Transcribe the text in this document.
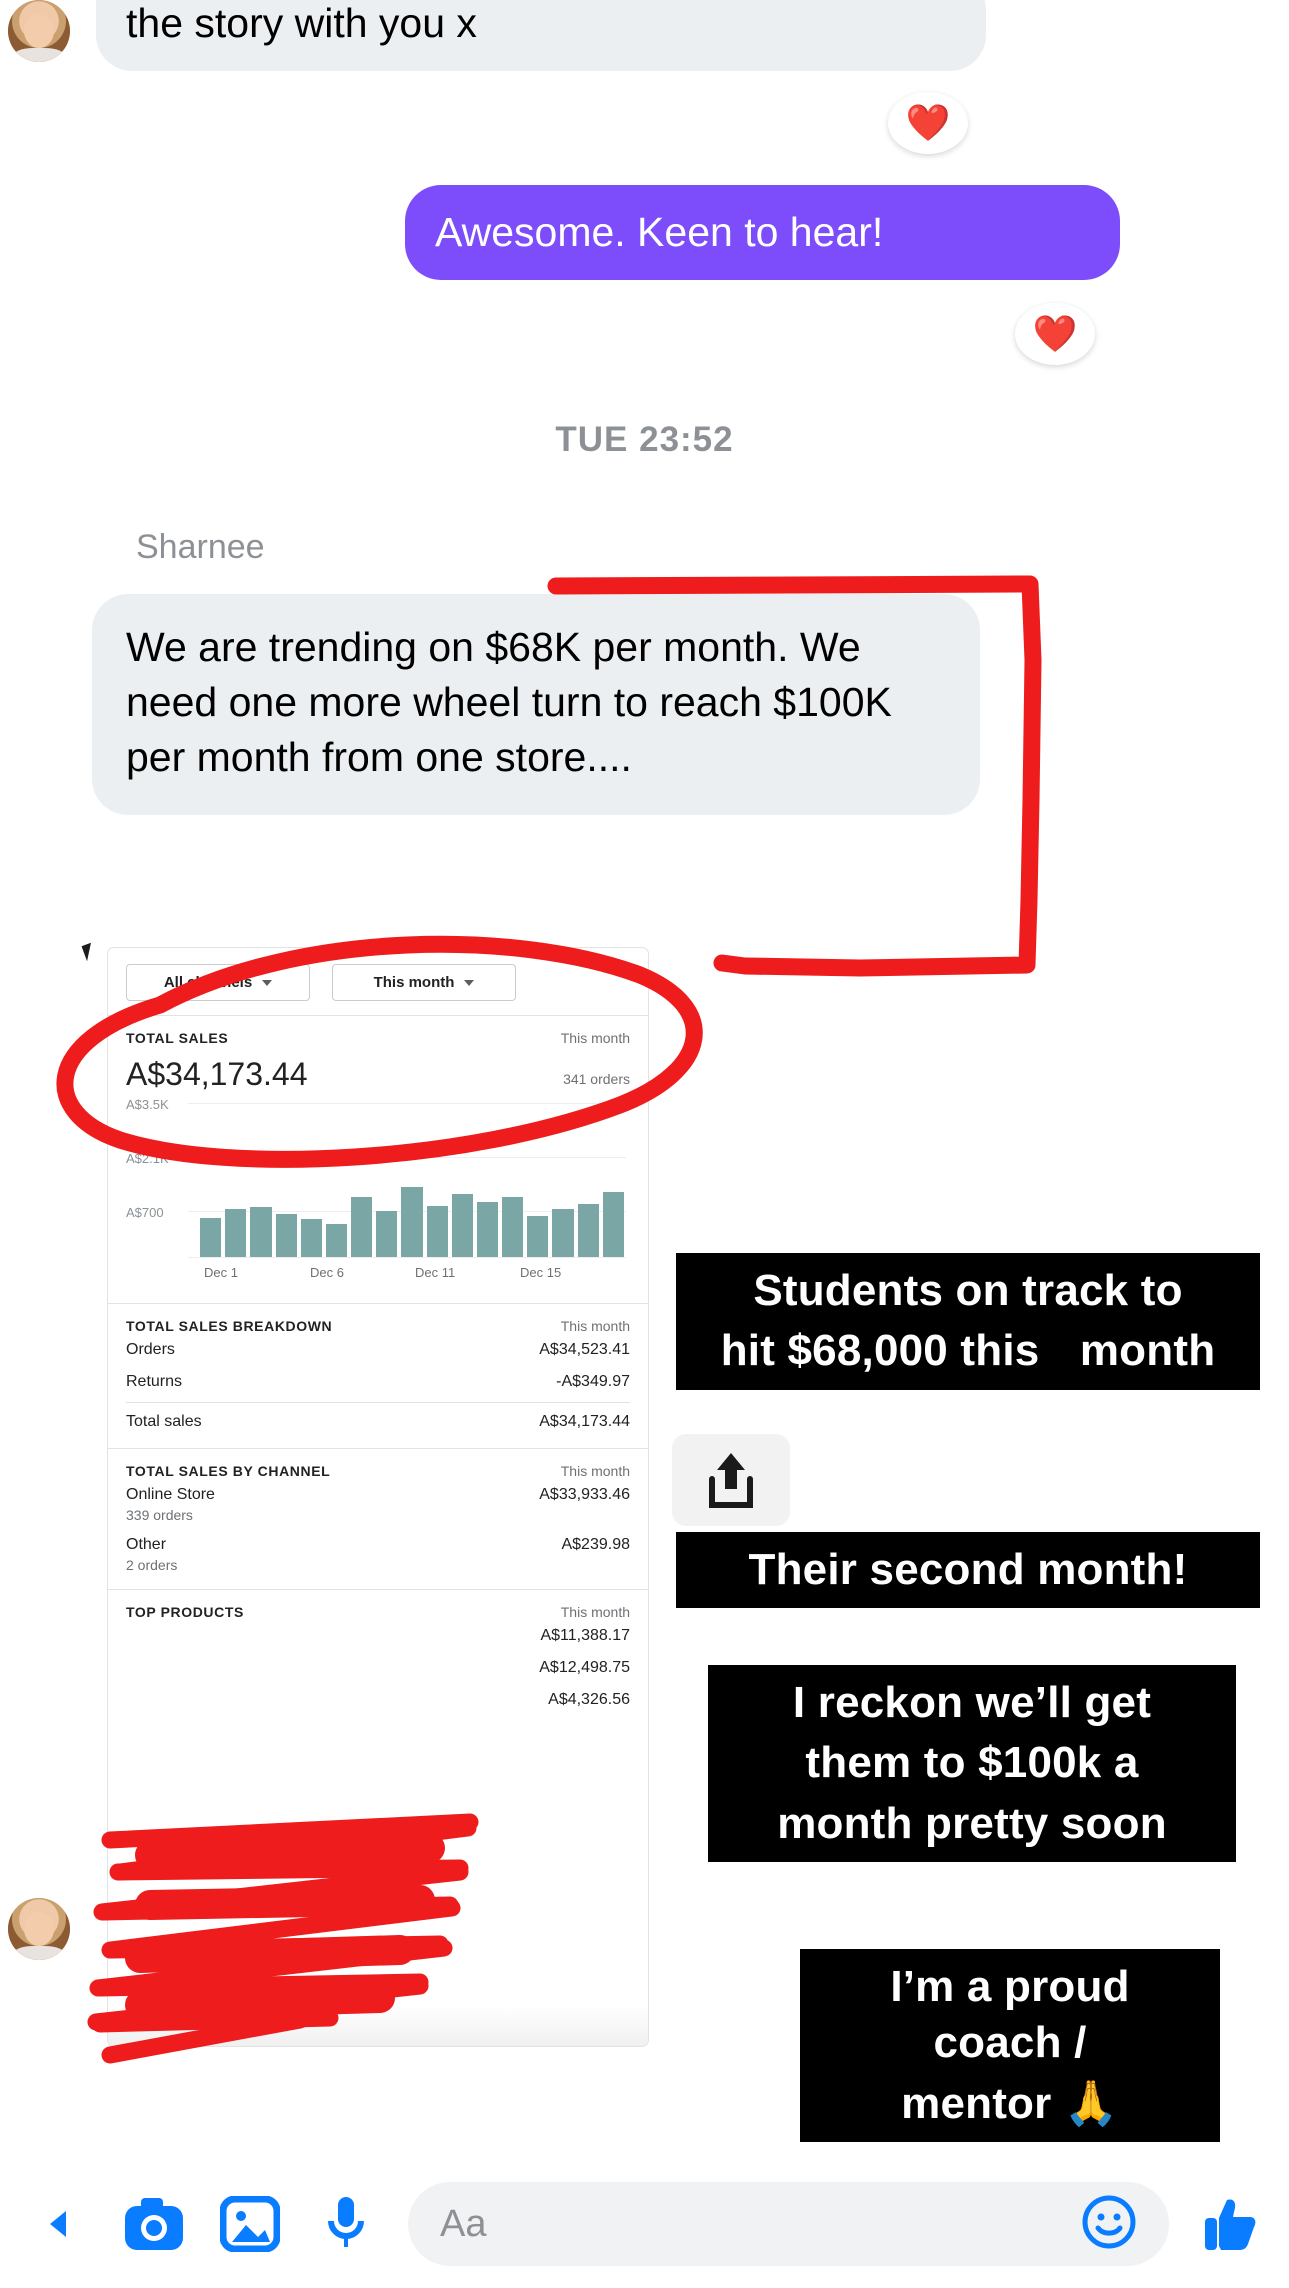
the story with you x
❤️
Awesome. Keen to hear!
❤️
TUE 23:52
Sharnee
We are trending on $68K per month. We need one more wheel turn to reach $100K per month from one store....
All channels	This month
TOTAL SALES	This month
A$34,173.44	341 orders
A$3.5K
A$2.1K
A$700
Dec 1	Dec 6	Dec 11	Dec 15
TOTAL SALES BREAKDOWN	This month
Orders	A$34,523.41
Returns	-A$349.97
Total sales	A$34,173.44
TOTAL SALES BY CHANNEL	This month
Online Store	A$33,933.46
339 orders
Other	A$239.98
2 orders
TOP PRODUCTS	This month
A$11,388.17
A$12,498.75
A$4,326.56
Students on track to hit $68,000 this month
Their second month!
I reckon we’ll get them to $100k a month pretty soon
I’m a proud coach / mentor 🙏
Aa
